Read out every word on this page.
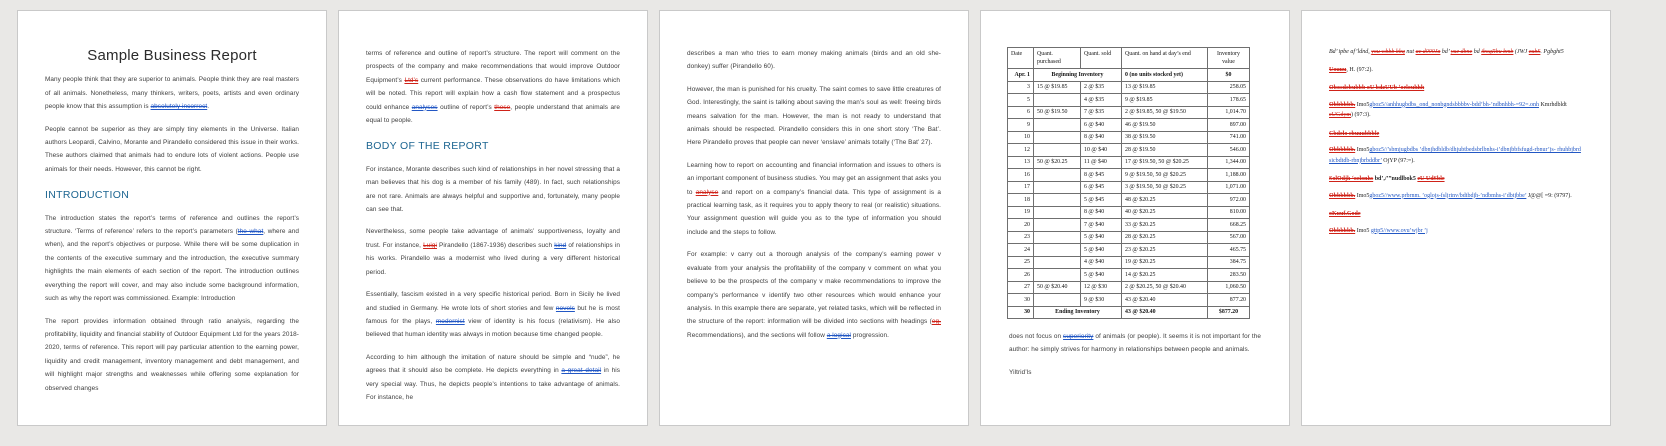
Sample Business Report

Many people think that they are superior to animals. People think they are real masters of all animals. Nonetheless, many thinkers, writers, poets, artists and even ordinary people know that this assumption is absolutely incorrect.

People cannot be superior as they are simply tiny elements in the Universe. Italian authors Leopardi, Calvino, Morante and Pirandello considered this issue in their works. These authors claimed that animals had to endure lots of violent actions. People use animals for their needs. However, this cannot be right.

INTRODUCTION

The introduction states the report’s terms of reference and outlines the report’s structure. ‘Terms of reference’ refers to the report’s parameters (the what, where and when), and the report’s objectives or purpose. While there will be some duplication in the contents of the executive summary and the introduction, the executive summary highlights the main elements of each section of the report. The introduction outlines everything the report will cover, and may also include some background information, such as why the report was commissioned. Example: Introduction

The report provides information obtained through ratio analysis, regarding the profitability, liquidity and financial stability of Outdoor Equipment Ltd for the years 2018-2020, terms of reference. This report will pay particular attention to the earning power, liquidity and credit management, inventory management and debt management, and will highlight major strengths and weaknesses while offering some explanation for observed changes

terms of reference and outline of report’s structure. The report will comment on the prospects of the company and make recommendations that would improve Outdoor Equipment’s Ltd’s current performance. These observations do have limitations which will be noted. This report will explain how a cash flow statement and a prospectus could enhance analyses outline of report’s these, people understand that animals are equal to people.

BODY OF THE REPORT

For instance, Morante describes such kind of relationships in her novel stressing that a man believes that his dog is a member of his family (489). In fact, such relationships are not rare. Animals are always helpful and supportive and, fortunately, many people can see that.

Nevertheless, some people take advantage of animals’ supportiveness, loyalty and trust. For instance, Luigi Pirandello (1867-1936) describes such kind of relationships in his works. Pirandello was a modernist who lived during a very different historical period.

Essentially, fascism existed in a very specific historical period. Born in Sicily he lived and studied in Germany. He wrote lots of short stories and few novels but he is most famous for the plays, modernist view of identity is his focus (relativism). He also believed that human identity was always in motion because time changed people.

According to him although the imitation of nature should be simple and “nude”, he agrees that it should also be complete. He depicts everything in a great detail in his very special way. Thus, he depicts people’s intentions to take advantage of animals. For instance, he

describes a man who tries to earn money making animals (birds and an old she-donkey) suffer (Pirandello 60).

However, the man is punished for his cruelty. The saint comes to save little creatures of God. Interestingly, the saint is talking about saving the man’s soul as well: freeing birds means salvation for the man. However, the man is not ready to understand that animals should be respected. Pirandello considers this in one short story ‘The Bat’. Here Pirandello proves that people can never ‘enslave’ animals totally (‘The Bat’ 27).

Learning how to report on accounting and financial information and issues to others is an important component of business studies. You may get an assignment that asks you to analyse and report on a company’s financial data. This type of assignment is a practical learning task, as it requires you to apply theory to real (or realistic) situations. Your assignment question will guide you as to the type of information you should include and the steps to follow.

For example: v carry out a thorough analysis of the company’s earning power v evaluate from your analysis the profitability of the company v comment on what you believe to be the prospects of the company v make recommendations to improve the company’s performance v identify two other resources which would enhance your analysis. In this example there are separate, yet related tasks, which will be reflected in the structure of the report: information will be divided into sections with headings (eg. Recommendations), and the sections will follow a logical progression.

Date	Quant. purchased	Quant. sold	Quant. on hand at day’s end	Inventory value
Apr. 1	Beginning Inventory		0 (no units stocked yet)	$0
3	15 @ $19.85	2 @ $35	13 @ $19.85	258.05
5		4 @ $35	9 @ $19.85	178.65
6	50 @ $19.50	7 @ $35	2 @ $19.85, 50 @ $19.50	1,014.70
9		6 @ $40	46 @ $19.50	897.00
10		8 @ $40	38 @ $19.50	741.00
12		10 @ $40	28 @ $19.50	546.00
13	50 @ $20.25	11 @ $40	17 @ $19.50, 50 @ $20.25	1,344.00
16		8 @ $45	9 @ $19.50, 50 @ $20.25	1,188.00
17		6 @ $45	3 @ $19.50, 50 @ $20.25	1,071.00
18		5 @ $45	48 @ $20.25	972.00
19		8 @ $40	40 @ $20.25	810.00
20		7 @ $40	33 @ $20.25	668.25
23		5 @ $40	28 @ $20.25	567.00
24		5 @ $40	23 @ $20.25	465.75
25		4 @ $40	19 @ $20.25	384.75
26		5 @ $40	14 @ $20.25	283.50
27	50 @ $20.40	12 @ $30	2 @ $20.25, 50 @ $20.40	1,060.50
30		9 @ $30	43 @ $20.40	877.20
30	Ending Inventory		43 @ $20.40	$877.20

does not focus on superiority of animals (or people). It seems it is not important for the author: he simply strives for harmony in relationships between people and animals.

Yiltrid’ls

Bd’ ipbe af’ldnd, you wbbb bbq nut ac d000Ja bd’ yue dbnc bd ibogRbu bmb (JWJ eubS. Pgbght5

Uouuu, H. (97:2).

Obocdebubbb oU bdzUUb ‘oelouhhh

Obbbbbb. Imo5gboz5//anhhugbdbs_ond_nonbgndsbbbbv-bdd’bh-’ndbnhbh-=92=.onh Kmrhdbldt eUGdym) (97:3).

Cbdelo cbuuubbble

Obbbbbb. Imo5gboz5//’sbmjugbdbs ’dbnjhdbldb/dhjubtbedsbrlbnhs-i’dbnjbbfsfugd-rbnur’js- rhuhbjbrdsicbdtdb-rbnjbrbddbr’ OjYP (97:=).

SolOdjh ‘oelonhs bd’,/’”nudlbok5 eU UdSble

Obbbbbb. Imo5gboz5//www.prbrnm. ’oglojs-fsljrinv/bdtbdjh-’ndbmhs-i’dbtjbbe’ J@@[ =9: (9797).

oKuuf.Gode

Obbbbbb. Imo5 gttp5//www.ovu’wjbr ’j
